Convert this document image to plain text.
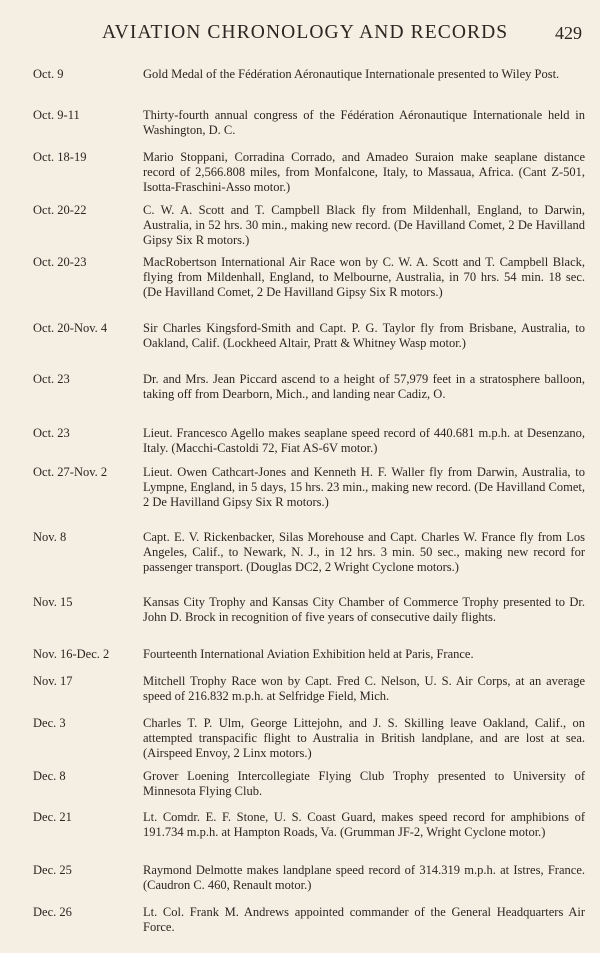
AVIATION CHRONOLOGY AND RECORDS	429
Oct. 9	Gold Medal of the Fédération Aéronautique Internationale presented to Wiley Post.
Oct. 9-11	Thirty-fourth annual congress of the Fédération Aéronautique Internationale held in Washington, D. C.
Oct. 18-19	Mario Stoppani, Corradina Corrado, and Amadeo Suraion make seaplane distance record of 2,566.808 miles, from Monfalcone, Italy, to Massaua, Africa. (Cant Z-501, Isotta-Fraschini-Asso motor.)
Oct. 20-22	C. W. A. Scott and T. Campbell Black fly from Mildenhall, England, to Darwin, Australia, in 52 hrs. 30 min., making new record. (De Havilland Comet, 2 De Havilland Gipsy Six R motors.)
Oct. 20-23	MacRobertson International Air Race won by C. W. A. Scott and T. Campbell Black, flying from Mildenhall, England, to Melbourne, Australia, in 70 hrs. 54 min. 18 sec. (De Havilland Comet, 2 De Havilland Gipsy Six R motors.)
Oct. 20-Nov. 4	Sir Charles Kingsford-Smith and Capt. P. G. Taylor fly from Brisbane, Australia, to Oakland, Calif. (Lockheed Altair, Pratt & Whitney Wasp motor.)
Oct. 23	Dr. and Mrs. Jean Piccard ascend to a height of 57,979 feet in a stratosphere balloon, taking off from Dearborn, Mich., and landing near Cadiz, O.
Oct. 23	Lieut. Francesco Agello makes seaplane speed record of 440.681 m.p.h. at Desenzano, Italy. (Macchi-Castoldi 72, Fiat AS-6V motor.)
Oct. 27-Nov. 2	Lieut. Owen Cathcart-Jones and Kenneth H. F. Waller fly from Darwin, Australia, to Lympne, England, in 5 days, 15 hrs. 23 min., making new record. (De Havilland Comet, 2 De Havilland Gipsy Six R motors.)
Nov. 8	Capt. E. V. Rickenbacker, Silas Morehouse and Capt. Charles W. France fly from Los Angeles, Calif., to Newark, N. J., in 12 hrs. 3 min. 50 sec., making new record for passenger transport. (Douglas DC2, 2 Wright Cyclone motors.)
Nov. 15	Kansas City Trophy and Kansas City Chamber of Commerce Trophy presented to Dr. John D. Brock in recognition of five years of consecutive daily flights.
Nov. 16-Dec. 2	Fourteenth International Aviation Exhibition held at Paris, France.
Nov. 17	Mitchell Trophy Race won by Capt. Fred C. Nelson, U. S. Air Corps, at an average speed of 216.832 m.p.h. at Selfridge Field, Mich.
Dec. 3	Charles T. P. Ulm, George Littejohn, and J. S. Skilling leave Oakland, Calif., on attempted transpacific flight to Australia in British landplane, and are lost at sea. (Airspeed Envoy, 2 Linx motors.)
Dec. 8	Grover Loening Intercollegiate Flying Club Trophy presented to University of Minnesota Flying Club.
Dec. 21	Lt. Comdr. E. F. Stone, U. S. Coast Guard, makes speed record for amphibions of 191.734 m.p.h. at Hampton Roads, Va. (Grumman JF-2, Wright Cyclone motor.)
Dec. 25	Raymond Delmotte makes landplane speed record of 314.319 m.p.h. at Istres, France. (Caudron C. 460, Renault motor.)
Dec. 26	Lt. Col. Frank M. Andrews appointed commander of the General Headquarters Air Force.
